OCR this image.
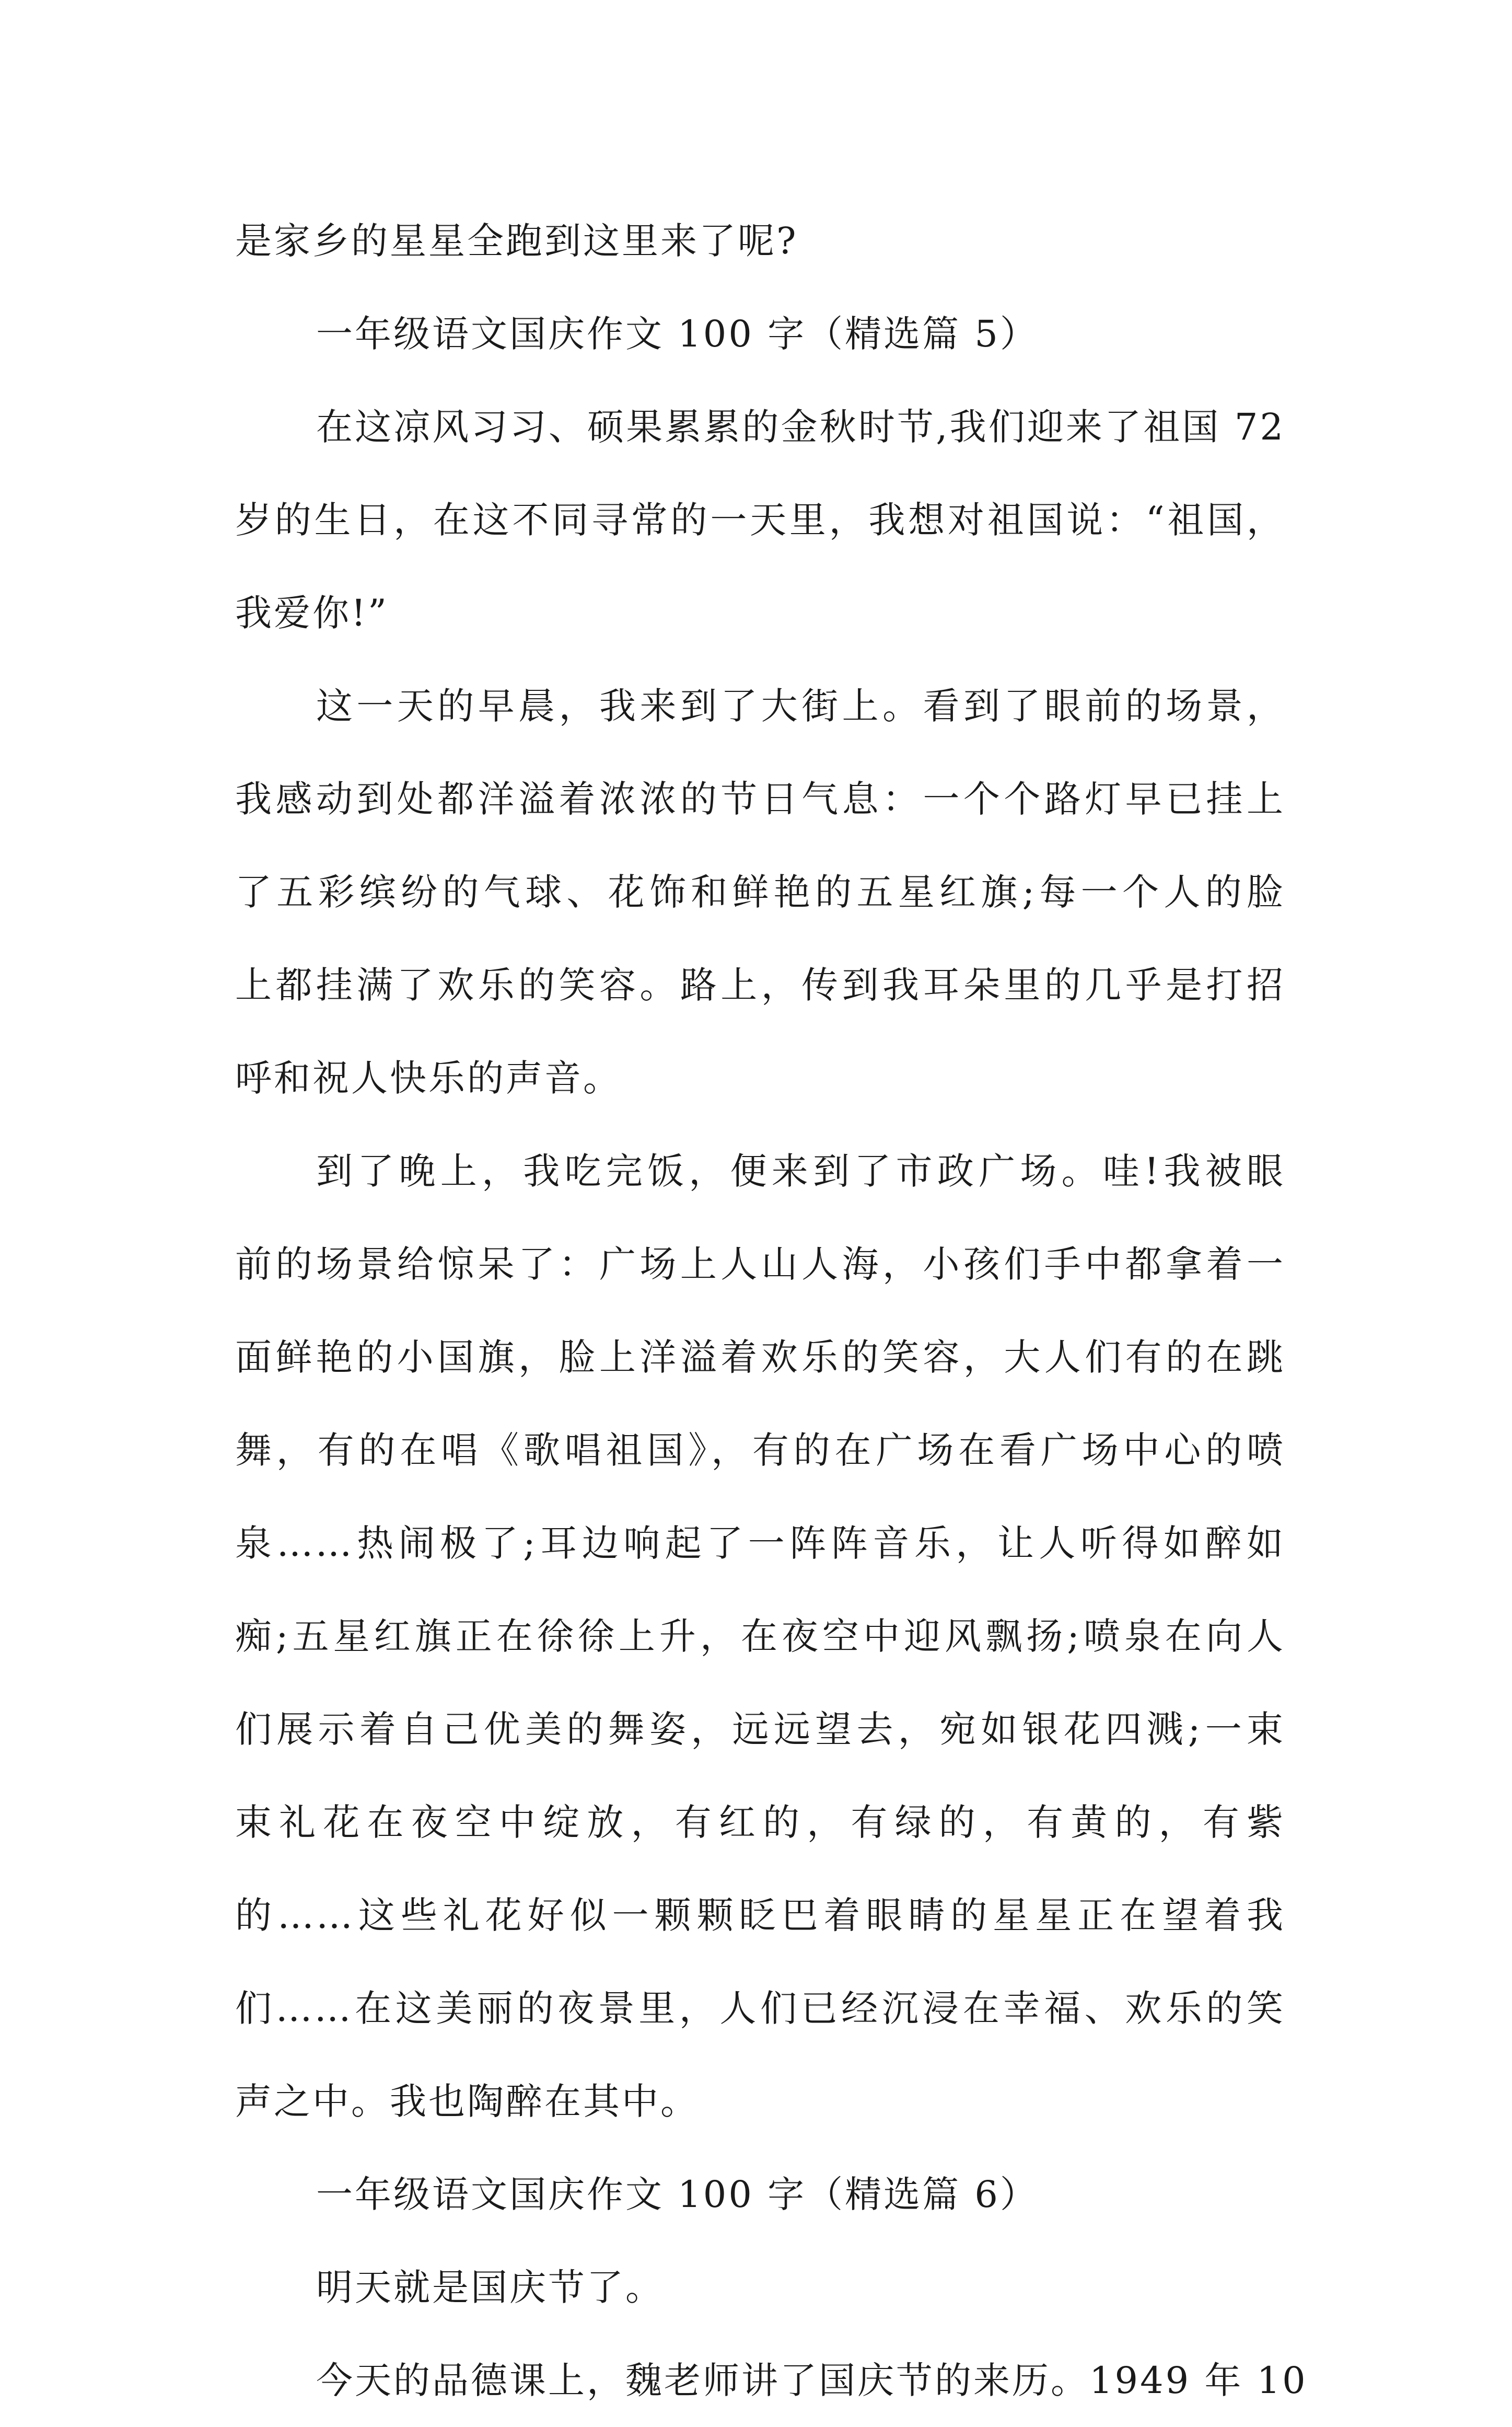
是家乡的星星全跑到这里来了呢?
一年级语文国庆作文 100 字（精选篇 5）
在这凉风习习、硕果累累的金秋时节,我们迎来了祖国 72
岁的生日，在这不同寻常的一天里，我想对祖国说：“祖国，
我爱你!”
这一天的早晨，我来到了大街上。看到了眼前的场景，
我感动到处都洋溢着浓浓的节日气息：一个个路灯早已挂上
了五彩缤纷的气球、花饰和鲜艳的五星红旗;每一个人的脸
上都挂满了欢乐的笑容。路上，传到我耳朵里的几乎是打招
呼和祝人快乐的声音。
到了晚上，我吃完饭，便来到了市政广场。哇!我被眼
前的场景给惊呆了：广场上人山人海，小孩们手中都拿着一
面鲜艳的小国旗，脸上洋溢着欢乐的笑容，大人们有的在跳
舞，有的在唱《歌唱祖国》，有的在广场在看广场中心的喷
泉……热闹极了;耳边响起了一阵阵音乐，让人听得如醉如
痴;五星红旗正在徐徐上升，在夜空中迎风飘扬;喷泉在向人
们展示着自己优美的舞姿，远远望去，宛如银花四溅;一束
束礼花在夜空中绽放，有红的，有绿的，有黄的，有紫
的……这些礼花好似一颗颗眨巴着眼睛的星星正在望着我
们……在这美丽的夜景里，人们已经沉浸在幸福、欢乐的笑
声之中。我也陶醉在其中。
一年级语文国庆作文 100 字（精选篇 6）
明天就是国庆节了。
今天的品德课上，魏老师讲了国庆节的来历。1949 年 10
